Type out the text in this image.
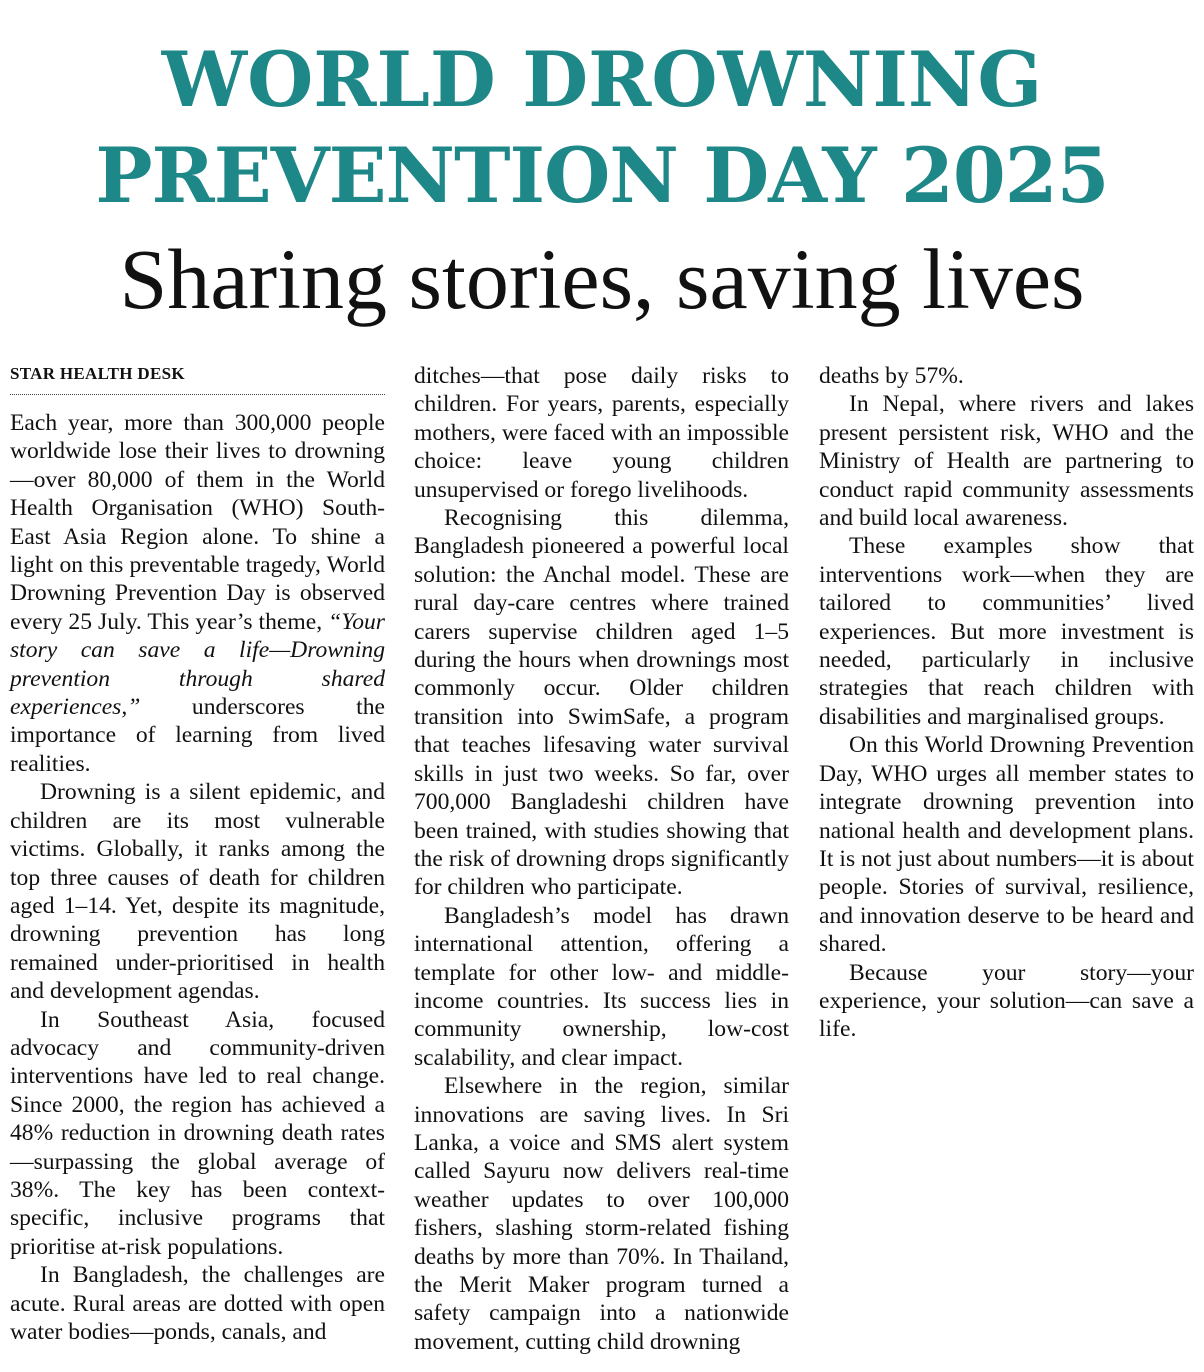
WORLD DROWNING
PREVENTION DAY 2025
Sharing stories, saving lives
STAR HEALTH DESK

Each year, more than 300,000 people worldwide lose their lives to drowning—over 80,000 of them in the World Health Organisation (WHO) South-East Asia Region alone. To shine a light on this preventable tragedy, World Drowning Prevention Day is observed every 25 July. This year’s theme, “Your story can save a life—Drowning prevention through shared experiences,” underscores the importance of learning from lived realities.

Drowning is a silent epidemic, and children are its most vulnerable victims. Globally, it ranks among the top three causes of death for children aged 1–14. Yet, despite its magnitude, drowning prevention has long remained under-prioritised in health and development agendas.

In Southeast Asia, focused advocacy and community-driven interventions have led to real change. Since 2000, the region has achieved a 48% reduction in drowning death rates—surpassing the global average of 38%. The key has been context-specific, inclusive programs that prioritise at-risk populations.

In Bangladesh, the challenges are acute. Rural areas are dotted with open water bodies—ponds, canals, and

ditches—that pose daily risks to children. For years, parents, especially mothers, were faced with an impossible choice: leave young children unsupervised or forego livelihoods.

Recognising this dilemma, Bangladesh pioneered a powerful local solution: the Anchal model. These are rural day-care centres where trained carers supervise children aged 1–5 during the hours when drownings most commonly occur. Older children transition into SwimSafe, a program that teaches lifesaving water survival skills in just two weeks. So far, over 700,000 Bangladeshi children have been trained, with studies showing that the risk of drowning drops significantly for children who participate.

Bangladesh’s model has drawn international attention, offering a template for other low- and middle-income countries. Its success lies in community ownership, low-cost scalability, and clear impact.

Elsewhere in the region, similar innovations are saving lives. In Sri Lanka, a voice and SMS alert system called Sayuru now delivers real-time weather updates to over 100,000 fishers, slashing storm-related fishing deaths by more than 70%. In Thailand, the Merit Maker program turned a safety campaign into a nationwide movement, cutting child drowning

deaths by 57%.

In Nepal, where rivers and lakes present persistent risk, WHO and the Ministry of Health are partnering to conduct rapid community assessments and build local awareness.

These examples show that interventions work—when they are tailored to communities’ lived experiences. But more investment is needed, particularly in inclusive strategies that reach children with disabilities and marginalised groups.

On this World Drowning Prevention Day, WHO urges all member states to integrate drowning prevention into national health and development plans. It is not just about numbers—it is about people. Stories of survival, resilience, and innovation deserve to be heard and shared.

Because your story—your experience, your solution—can save a life.
